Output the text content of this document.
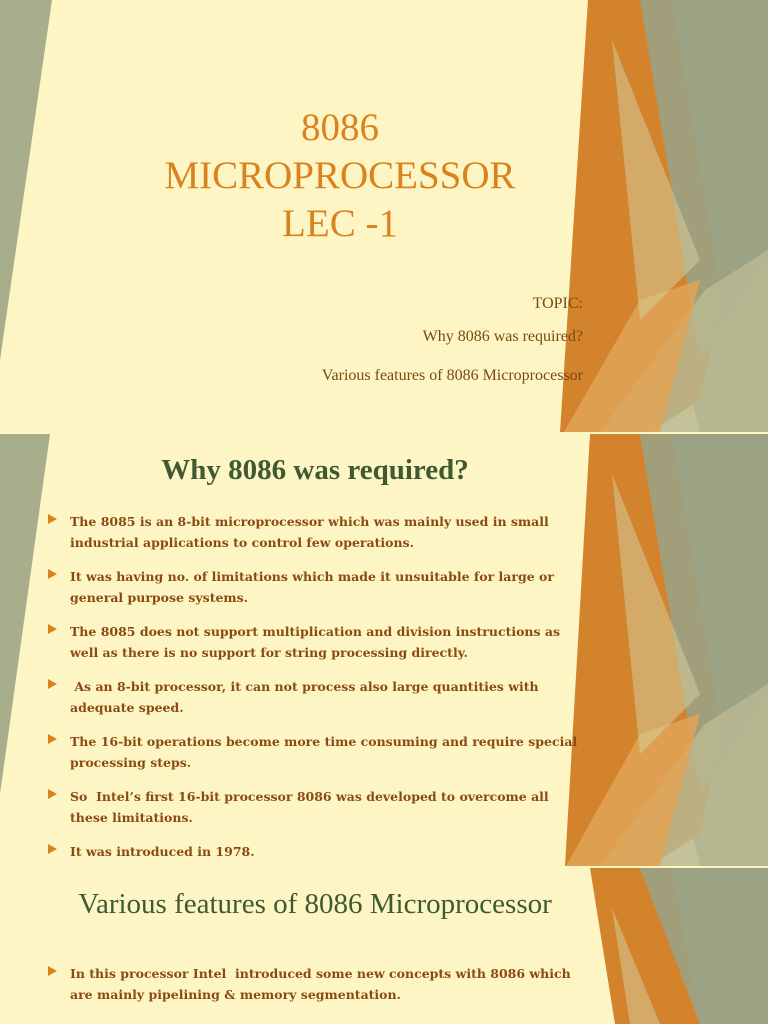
8086
MICROPROCESSOR
LEC -1
TOPIC:
Why 8086 was required?
Various features of 8086 Microprocessor
Why 8086 was required?
The 8085 is an 8-bit microprocessor which was mainly used in small industrial applications to control few operations.
It was having no. of limitations which made it unsuitable for large or general purpose systems.
The 8085 does not support multiplication and division instructions as well as there is no support for string processing directly.
As an 8-bit processor, it can not process also large quantities with adequate speed.
The 16-bit operations become more time consuming and require special processing steps.
So  Intel’s first 16-bit processor 8086 was developed to overcome all these limitations.
It was introduced in 1978.
Various features of 8086 Microprocessor
In this processor Intel  introduced some new concepts with 8086 which are mainly pipelining & memory segmentation.
